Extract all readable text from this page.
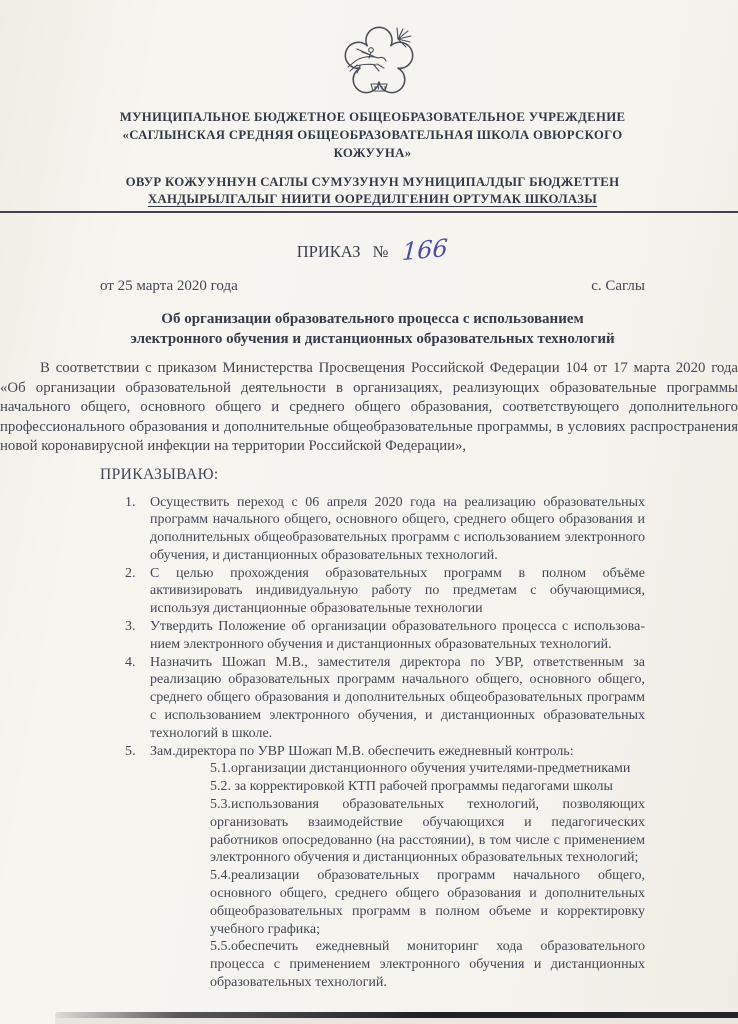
МУНИЦИПАЛЬНОЕ БЮДЖЕТНОЕ ОБЩЕОБРАЗОВАТЕЛЬНОЕ УЧРЕЖДЕНИЕ
«САГЛЫНСКАЯ СРЕДНЯЯ ОБЩЕОБРАЗОВАТЕЛЬНАЯ ШКОЛА ОВЮРСКОГО КОЖУУНА»
ОВУР КОЖУУННУН САГЛЫ СУМУЗУНУН МУНИЦИПАЛДЫГ БЮДЖЕТТЕН
ХАНДЫРЫЛГАЛЫГ НИИТИ ООРЕДИЛГЕНИН ОРТУМАК ШКОЛАЗЫ
ПРИКАЗ № 166
от 25 марта 2020 года	с. Саглы
Об организации образовательного процесса с использованием электронного обучения и дистанционных образовательных технологий

В соответствии с приказом Министерства Просвещения Российской Федерации 104 от 17 марта 2020 года «Об организации образовательной деятельности в организациях, реализующих образовательные программы начального общего, основного общего и среднего общего образования, соответствующего дополнительного профессионального образования и дополнительные общеобразовательные программы, в условиях распространения новой коронавирусной инфекции на территории Российской Федерации»,

ПРИКАЗЫВАЮ:
1. Осуществить переход с 06 апреля 2020 года на реализацию образовательных программ начального общего, основного общего, среднего общего образования и дополнительных общеобразовательных программ с использованием электронного обучения, и дистанционных образовательных технологий.
2. С целью прохождения образовательных программ в полном объёме активизировать индивидуальную работу по предметам с обучающимися, используя дистанционные образовательные технологии
3. Утвердить Положение об организации образовательного процесса с использова-нием электронного обучения и дистанционных образовательных технологий.
4. Назначить Шожап М.В., заместителя директора по УВР, ответственным за реализацию образовательных программ начального общего, основного общего, среднего общего образования и дополнительных общеобразовательных программ с использованием электронного обучения, и дистанционных образовательных технологий в школе.
5. Зам.директора по УВР Шожап М.В. обеспечить ежедневный контроль:

5.1.организации дистанционного обучения учителями-предметниками

5.2. за корректировкой КТП рабочей программы педагогами школы

5.3.использования образовательных технологий, позволяющих организовать взаимодействие обучающихся и педагогических работников опосредованно (на расстоянии), в том числе с применением электронного обучения и дистанционных образовательных технологий;

5.4.реализации образовательных программ начального общего, основного общего, среднего общего образования и дополнительных общеобразовательных программ в полном объеме и корректировку учебного графика;

5.5.обеспечить ежедневный мониторинг хода образовательного процесса с применением электронного обучения и дистанционных образовательных технологий.
